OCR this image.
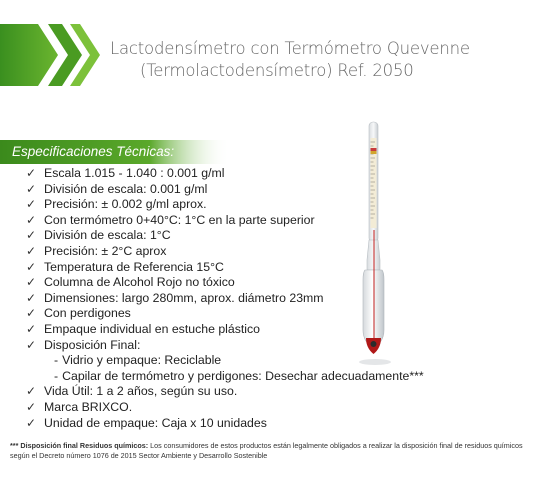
Lactodensímetro con Termómetro Quevenne
(Termolactodensímetro) Ref. 2050
Especificaciones Técnicas:
✓ Escala 1.015 - 1.040 : 0.001 g/ml
✓ División de escala: 0.001 g/ml
✓ Precisión: ± 0.002 g/ml aprox.
✓ Con termómetro 0+40°C: 1°C en la parte superior
✓ División de escala: 1°C
✓ Precisión: ± 2°C aprox
✓ Temperatura de Referencia 15°C
✓ Columna de Alcohol Rojo no tóxico
✓ Dimensiones: largo 280mm, aprox. diámetro 23mm
✓ Con perdigones
✓ Empaque individual en estuche plástico
✓ Disposición Final:
- Vidrio y empaque: Reciclable
- Capilar de termómetro y perdigones: Desechar adecuadamente***
✓ Vida Útil: 1 a 2 años, según su uso.
✓ Marca BRIXCO.
✓ Unidad de empaque: Caja x 10 unidades
*** Disposición final Residuos químicos: Los consumidores de estos productos están legalmente obligados a realizar la disposición final de residuos químicos según el Decreto número 1076 de 2015 Sector Ambiente y Desarrollo Sostenible
